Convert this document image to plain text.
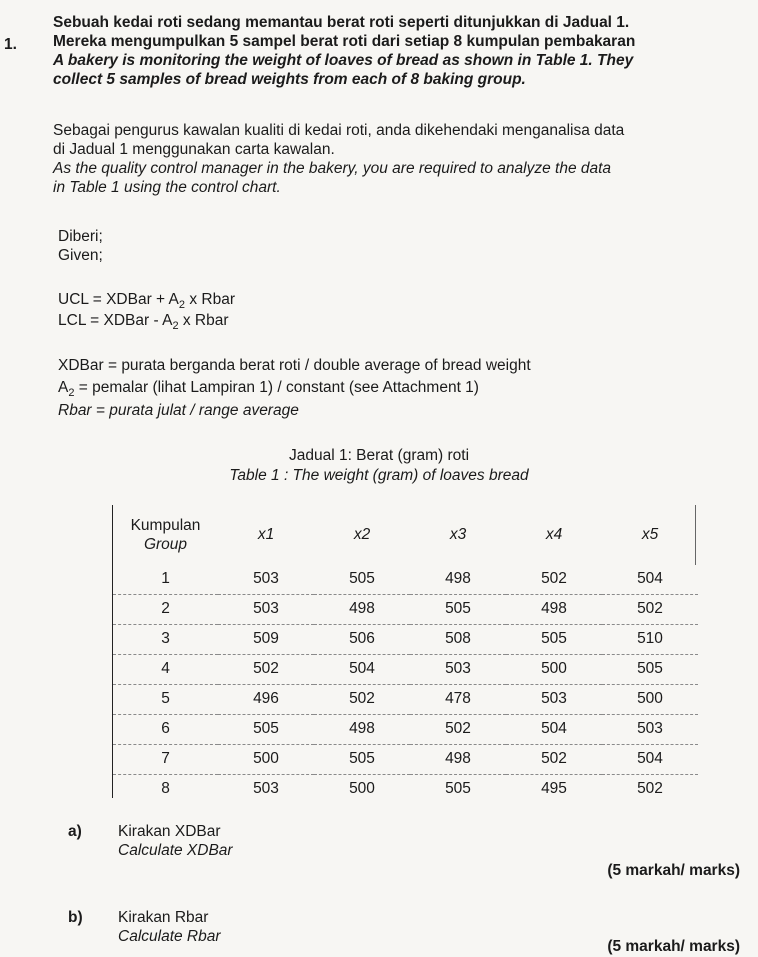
1.

Sebuah kedai roti sedang memantau berat roti seperti ditunjukkan di Jadual 1.

Mereka mengumpulkan 5 sampel berat roti dari setiap 8 kumpulan pembakaran

A bakery is monitoring the weight of loaves of bread as shown in Table 1. They

collect 5 samples of bread weights from each of 8 baking group.

Sebagai pengurus kawalan kualiti di kedai roti, anda dikehendaki menganalisa data

di Jadual 1 menggunakan carta kawalan.

As the quality control manager in the bakery, you are required to analyze the data

in Table 1 using the control chart.

Diberi;

Given;

UCL = XDBar + $A_2$ x Rbar
LCL = XDBar - $A_2$ x Rbar
XDBar = purata berganda berat roti / double average of bread weight
$A_2$ = pemalar (lihat Lampiran 1) / constant (see Attachment 1)
Rbar = purata julat / range average
Jadual 1: Berat (gram) roti
Table 1 : The weight (gram) of loaves bread
Kumpulan
Group	x1	x2	x3	x4	x5
1	503	505	498	502	504
2	503	498	505	498	502
3	509	506	508	505	510
4	502	504	503	500	505
5	496	502	478	503	500
6	505	498	502	504	503
7	500	505	498	502	504
8	503	500	505	495	502
a) Kirakan XDBar

Calculate XDBar

(5 markah/ marks)
b) Kirakan Rbar

Calculate Rbar

(5 markah/ marks)
